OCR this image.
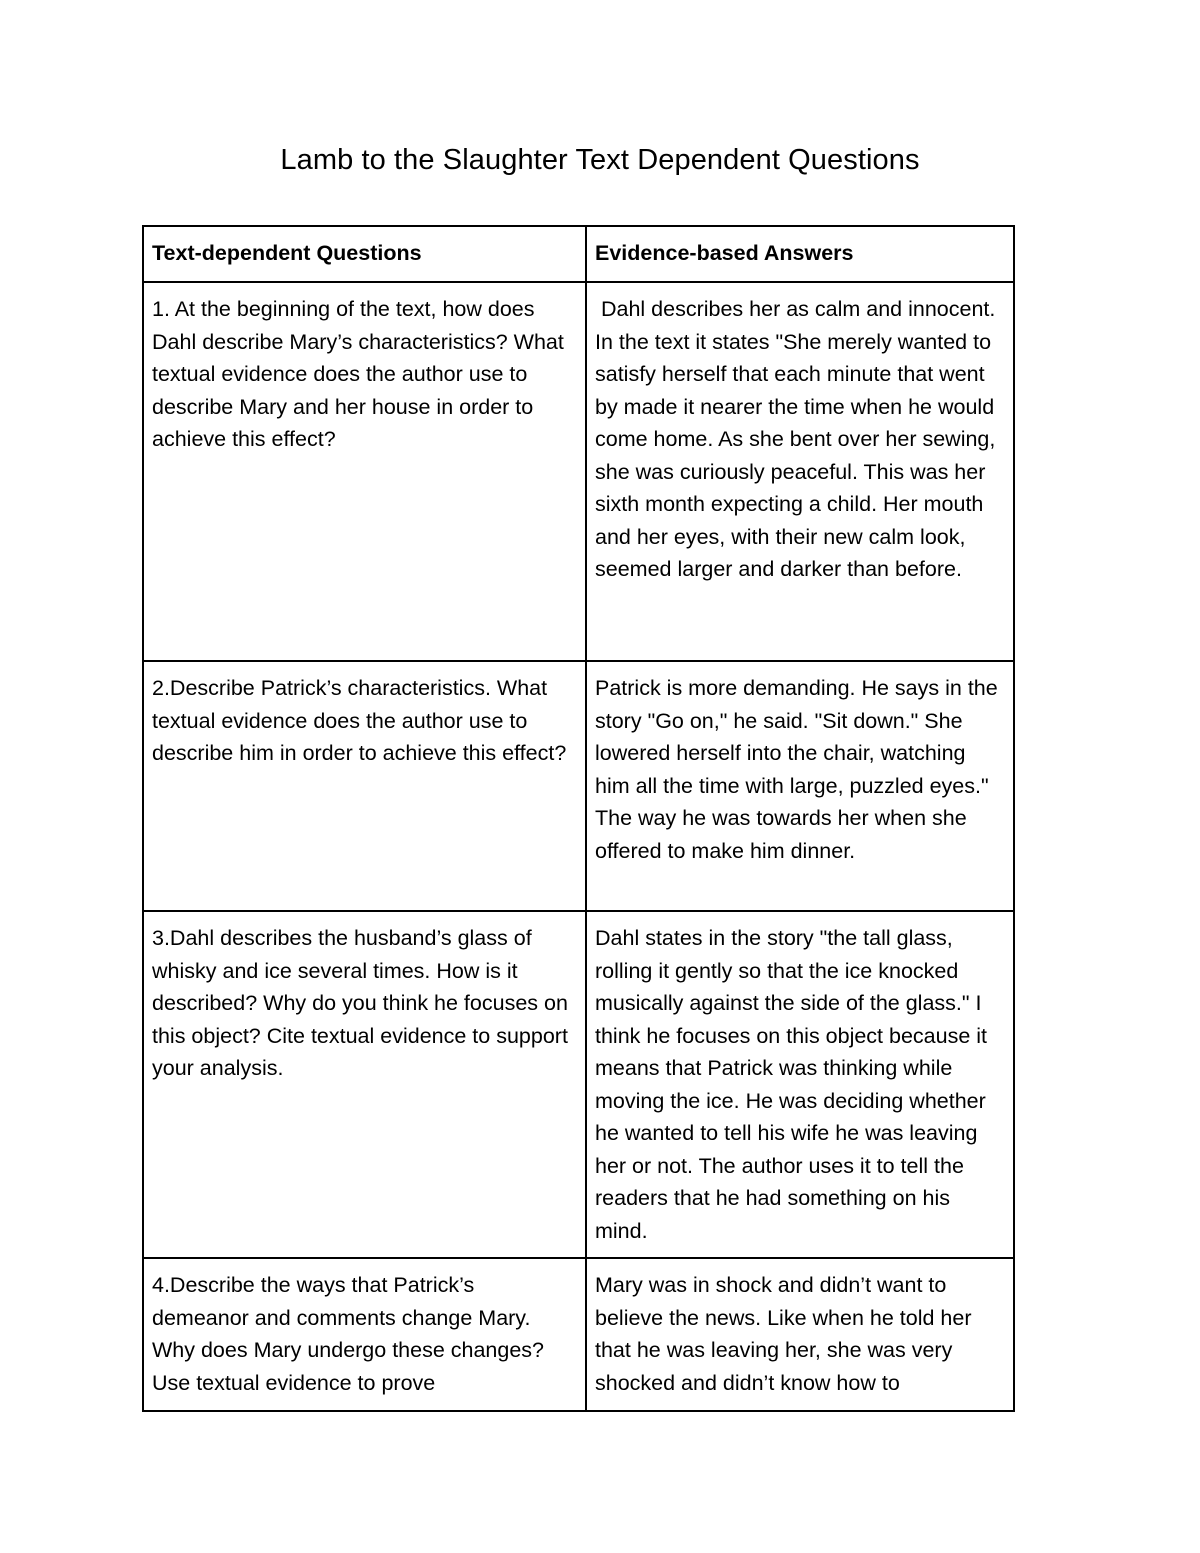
Lamb to the Slaughter Text Dependent Questions
Text-dependent Questions	Evidence-based Answers
1. At the beginning of the text, how does Dahl describe Mary’s characteristics? What textual evidence does the author use to describe Mary and her house in order to achieve this effect?	Dahl describes her as calm and innocent. In the text it states "She merely wanted to satisfy herself that each minute that went by made it nearer the time when he would come home. As she bent over her sewing, she was curiously peaceful. This was her sixth month expecting a child. Her mouth and her eyes, with their new calm look, seemed larger and darker than before.
2.Describe Patrick’s characteristics. What textual evidence does the author use to describe him in order to achieve this effect?	Patrick is more demanding. He says in the story "Go on," he said. "Sit down." She lowered herself into the chair, watching him all the time with large, puzzled eyes." The way he was towards her when she offered to make him dinner.
3.Dahl describes the husband’s glass of whisky and ice several times. How is it described? Why do you think he focuses on this object? Cite textual evidence to support your analysis.	Dahl states in the story "the tall glass, rolling it gently so that the ice knocked musically against the side of the glass." I think he focuses on this object because it means that Patrick was thinking while moving the ice. He was deciding whether he wanted to tell his wife he was leaving her or not. The author uses it to tell the readers that he had something on his mind.
4.Describe the ways that Patrick’s demeanor and comments change Mary. Why does Mary undergo these changes? Use textual evidence to prove	Mary was in shock and didn’t want to believe the news. Like when he told her that he was leaving her, she was very shocked and didn’t know how to
